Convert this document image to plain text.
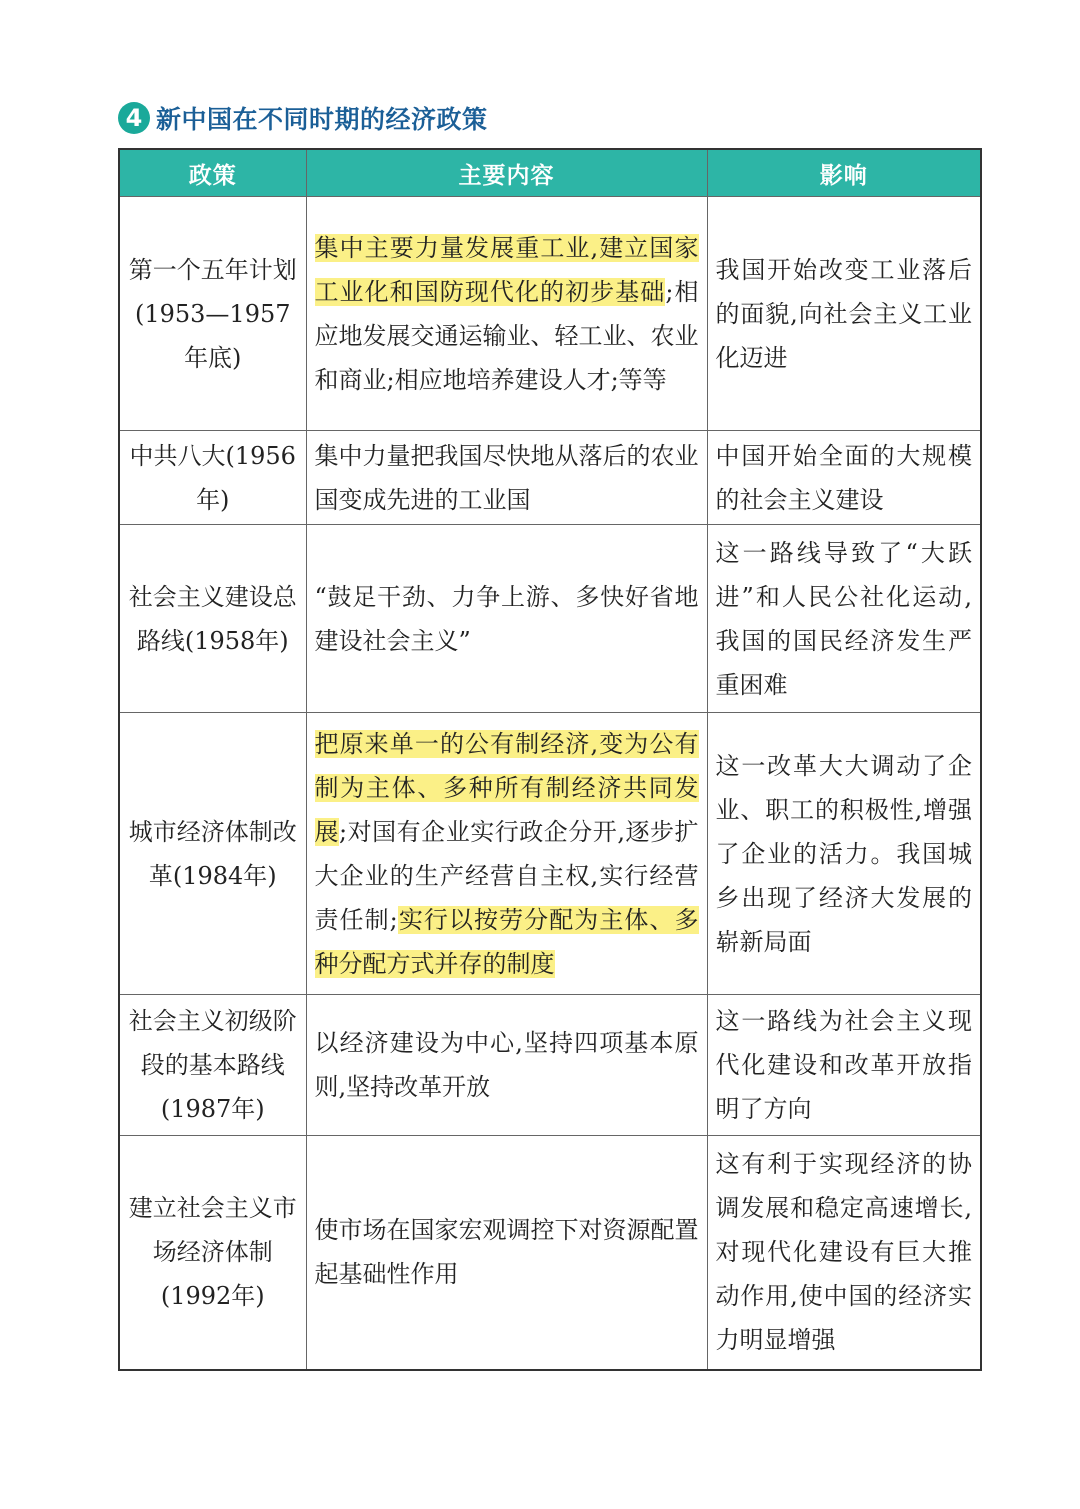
4 新中国在不同时期的经济政策
政策	主要内容	影响
第一个五年计划(1953—1957年底)	集中主要力量发展重工业,建立国家工业化和国防现代化的初步基础;相应地发展交通运输业、轻工业、农业和商业;相应地培养建设人才;等等	我国开始改变工业落后的面貌,向社会主义工业化迈进
中共八大(1956年)	集中力量把我国尽快地从落后的农业国变成先进的工业国	中国开始全面的大规模的社会主义建设
社会主义建设总路线(1958年)	“鼓足干劲、力争上游、多快好省地建设社会主义”	这一路线导致了“大跃进”和人民公社化运动,我国的国民经济发生严重困难
城市经济体制改革(1984年)	把原来单一的公有制经济,变为公有制为主体、多种所有制经济共同发展;对国有企业实行政企分开,逐步扩大企业的生产经营自主权,实行经营责任制;实行以按劳分配为主体、多种分配方式并存的制度	这一改革大大调动了企业、职工的积极性,增强了企业的活力。我国城乡出现了经济大发展的崭新局面
社会主义初级阶段的基本路线(1987年)	以经济建设为中心,坚持四项基本原则,坚持改革开放	这一路线为社会主义现代化建设和改革开放指明了方向
建立社会主义市场经济体制(1992年)	使市场在国家宏观调控下对资源配置起基础性作用	这有利于实现经济的协调发展和稳定高速增长,对现代化建设有巨大推动作用,使中国的经济实力明显增强
